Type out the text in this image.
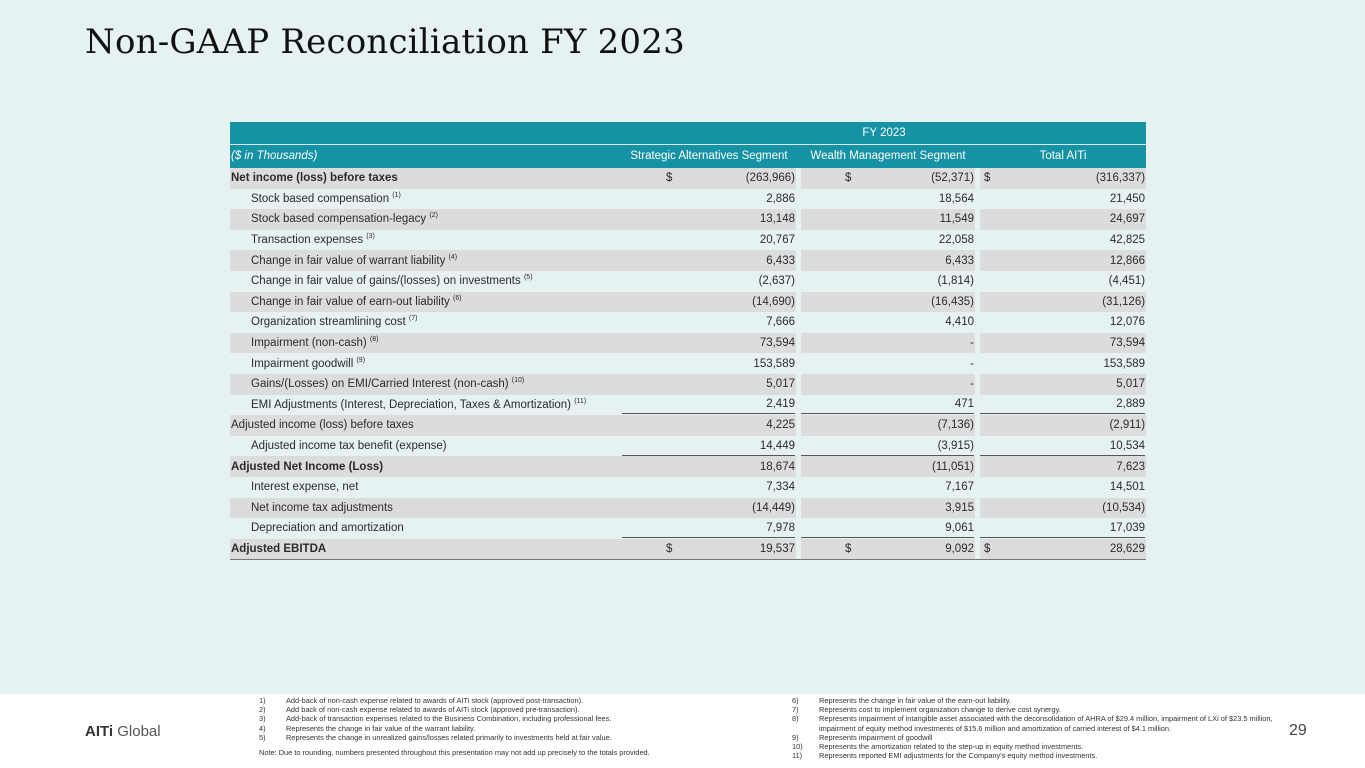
Non-GAAP Reconciliation FY 2023
	FY 2023				
($ in Thousands)	Strategic Alternatives Segment		Wealth Management Segment		Total AITi
Net income (loss) before taxes	$ (263,966)		$ (52,371)		$ (316,337)

Stock based compensation $^{(1)}$	2,886		18,564		21,450

Stock based compensation-legacy $^{(2)}$	13,148		11,549		24,697

Transaction expenses $^{(3)}$	20,767		22,058		42,825

Change in fair value of warrant liability $^{(4)}$	6,433		6,433		12,866

Change in fair value of gains/(losses) on investments $^{(5)}$	(2,637)		(1,814)		(4,451)

Change in fair value of earn-out liability $^{(6)}$	(14,690)		(16,435)		(31,126)

Organization streamlining cost $^{(7)}$	7,666		4,410		12,076

Impairment (non-cash) $^{(8)}$	73,594		-		73,594

Impairment goodwill $^{(9)}$	153,589		-		153,589

Gains/(Losses) on EMI/Carried Interest (non-cash) $^{(10)}$	5,017		-		5,017

EMI Adjustments (Interest, Depreciation, Taxes & Amortization) $^{(11)}$	2,419		471		2,889

Adjusted income (loss) before taxes	4,225		(7,136)		(2,911)

Adjusted income tax benefit (expense)	14,449		(3,915)		10,534

Adjusted Net Income (Loss)	18,674		(11,051)		7,623

Interest expense, net	7,334		7,167		14,501

Net income tax adjustments	(14,449)		3,915		(10,534)

Depreciation and amortization	7,978		9,061		17,039

Adjusted EBITDA	$ 19,537		$ 9,092		$ 28,629
AITi Global
1)	Add-back of non-cash expense related to awards of AITi stock (approved post-transaction).
2)	Add back of non-cash expense related to awards of AITi stock (approved pre-transaction).
3)	Add-back of transaction expenses related to the Business Combination, including professional fees.
4)	Represents the change in fair value of the warrant liability.
5)	Represents the change in unrealized gains/losses related primarily to investments held at fair value.
Note: Due to rounding, numbers presented throughout this presentation may not add up precisely to the totals provided.
6)	Represents the change in fair value of the earn-out liability.
7)	Represents cost to implement organization change to derive cost synergy.
8)	Represents impairment of intangible asset associated with the deconsolidation of AHRA of $29.4 million, impairment of LXi of $23.5 million, impairment of equity method investments of $15.6 million and amortization of carried interest of $4.1 million.
9)	Represents impairment of goodwill
10)	Represents the amortization related to the step-up in equity method investments.
11)	Represents reported EMI adjustments for the Company's equity method investments.
29
